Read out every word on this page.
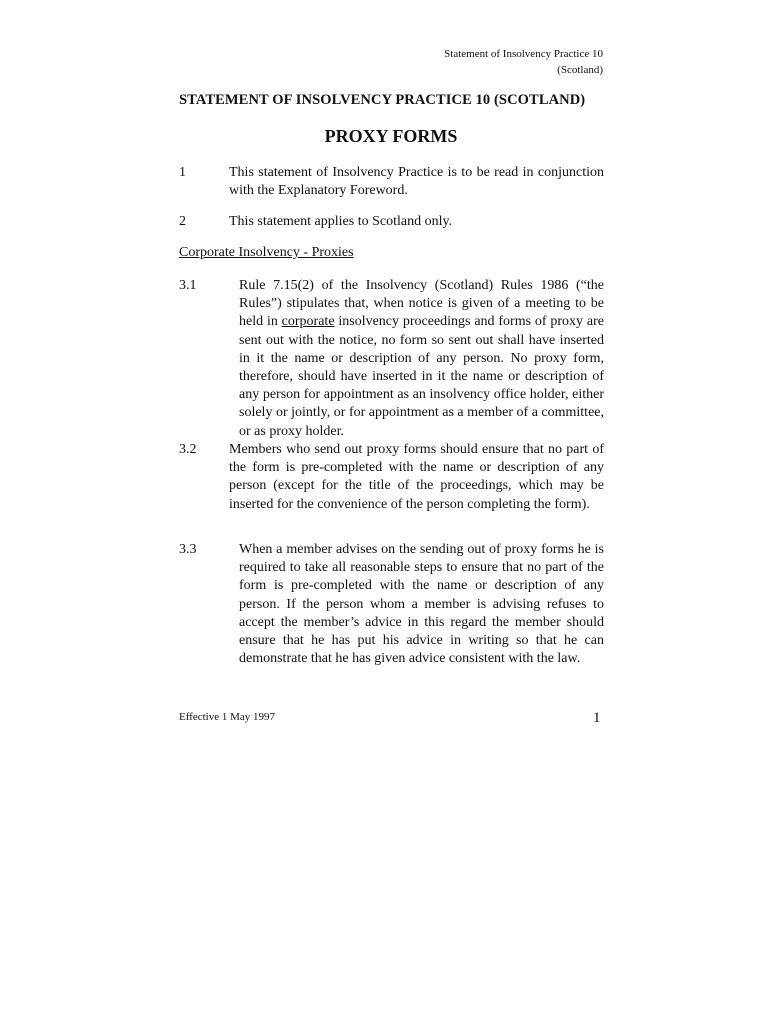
Statement of Insolvency Practice 10
(Scotland)
STATEMENT OF INSOLVENCY PRACTICE 10 (SCOTLAND)
PROXY FORMS
1	This statement of Insolvency Practice is to be read in conjunction with the Explanatory Foreword.
2	This statement applies to Scotland only.
Corporate Insolvency - Proxies
3.1	Rule 7.15(2) of the Insolvency (Scotland) Rules 1986 (“the Rules”) stipulates that, when notice is given of a meeting to be held in corporate insolvency proceedings and forms of proxy are sent out with the notice, no form so sent out shall have inserted in it the name or description of any person. No proxy form, therefore, should have inserted in it the name or description of any person for appointment as an insolvency office holder, either solely or jointly, or for appointment as a member of a committee, or as proxy holder.
3.2 Members who send out proxy forms should ensure that no part of the form is pre-completed with the name or description of any person (except for the title of the proceedings, which may be inserted for the convenience of the person completing the form).
3.3	When a member advises on the sending out of proxy forms he is required to take all reasonable steps to ensure that no part of the form is pre-completed with the name or description of any person. If the person whom a member is advising refuses to accept the member’s advice in this regard the member should ensure that he has put his advice in writing so that he can demonstrate that he has given advice consistent with the law.
Effective 1 May 1997	1
